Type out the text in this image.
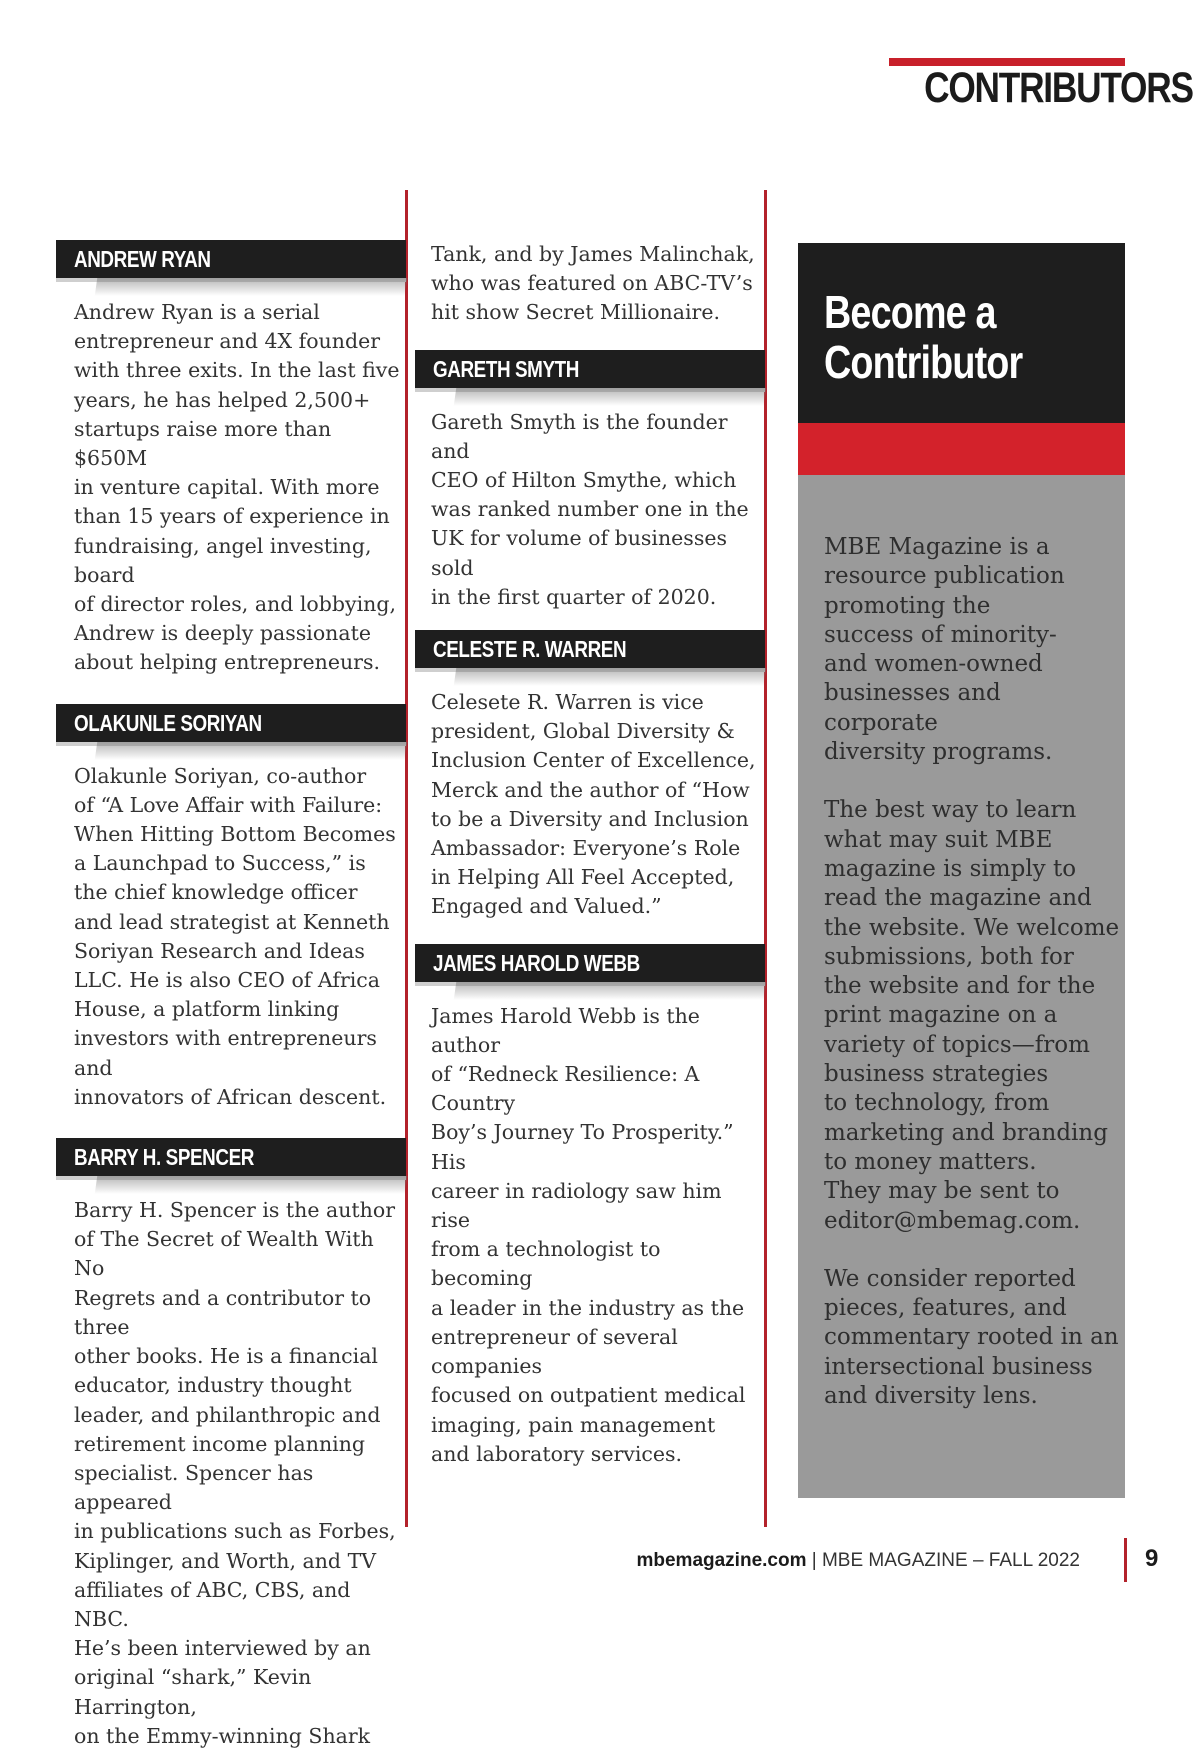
CONTRIBUTORS
ANDREW RYAN

Andrew Ryan is a serial
entrepreneur and 4X founder
with three exits. In the last five
years, he has helped 2,500+
startups raise more than $650M
in venture capital. With more
than 15 years of experience in
fundraising, angel investing, board
of director roles, and lobbying,
Andrew is deeply passionate
about helping entrepreneurs.

OLAKUNLE SORIYAN

Olakunle Soriyan, co-author
of “A Love Affair with Failure:
When Hitting Bottom Becomes
a Launchpad to Success,” is
the chief knowledge officer
and lead strategist at Kenneth
Soriyan Research and Ideas
LLC. He is also CEO of Africa
House, a platform linking
investors with entrepreneurs and
innovators of African descent.

BARRY H. SPENCER

Barry H. Spencer is the author
of The Secret of Wealth With No
Regrets and a contributor to three
other books. He is a financial
educator, industry thought
leader, and philanthropic and
retirement income planning
specialist. Spencer has appeared
in publications such as Forbes,
Kiplinger, and Worth, and TV
affiliates of ABC, CBS, and NBC.
He’s been interviewed by an
original “shark,” Kevin Harrington,
on the Emmy-winning Shark

Tank, and by James Malinchak,
who was featured on ABC-TV’s
hit show Secret Millionaire.

GARETH SMYTH

Gareth Smyth is the founder and
CEO of Hilton Smythe, which
was ranked number one in the
UK for volume of businesses sold
in the first quarter of 2020.

CELESTE R. WARREN

Celesete R. Warren is vice
president, Global Diversity &
Inclusion Center of Excellence,
Merck and the author of “How
to be a Diversity and Inclusion
Ambassador: Everyone’s Role
in Helping All Feel Accepted,
Engaged and Valued.”

JAMES HAROLD WEBB

James Harold Webb is the author
of “Redneck Resilience: A Country
Boy’s Journey To Prosperity.” His
career in radiology saw him rise
from a technologist to becoming
a leader in the industry as the
entrepreneur of several companies
focused on outpatient medical
imaging, pain management
and laboratory services.

Become a
Contributor

MBE Magazine is a
resource publication
promoting the
success of minority-
and women-owned
businesses and corporate
diversity programs.

The best way to learn
what may suit MBE
magazine is simply to
read the magazine and
the website. We welcome
submissions, both for
the website and for the
print magazine on a
variety of topics—from
business strategies
to technology, from
marketing and branding
to money matters.
They may be sent to
editor@mbemag.com.

We consider reported
pieces, features, and
commentary rooted in an
intersectional business
and diversity lens.

mbemagazine.com | MBE MAGAZINE – FALL 2022	9
